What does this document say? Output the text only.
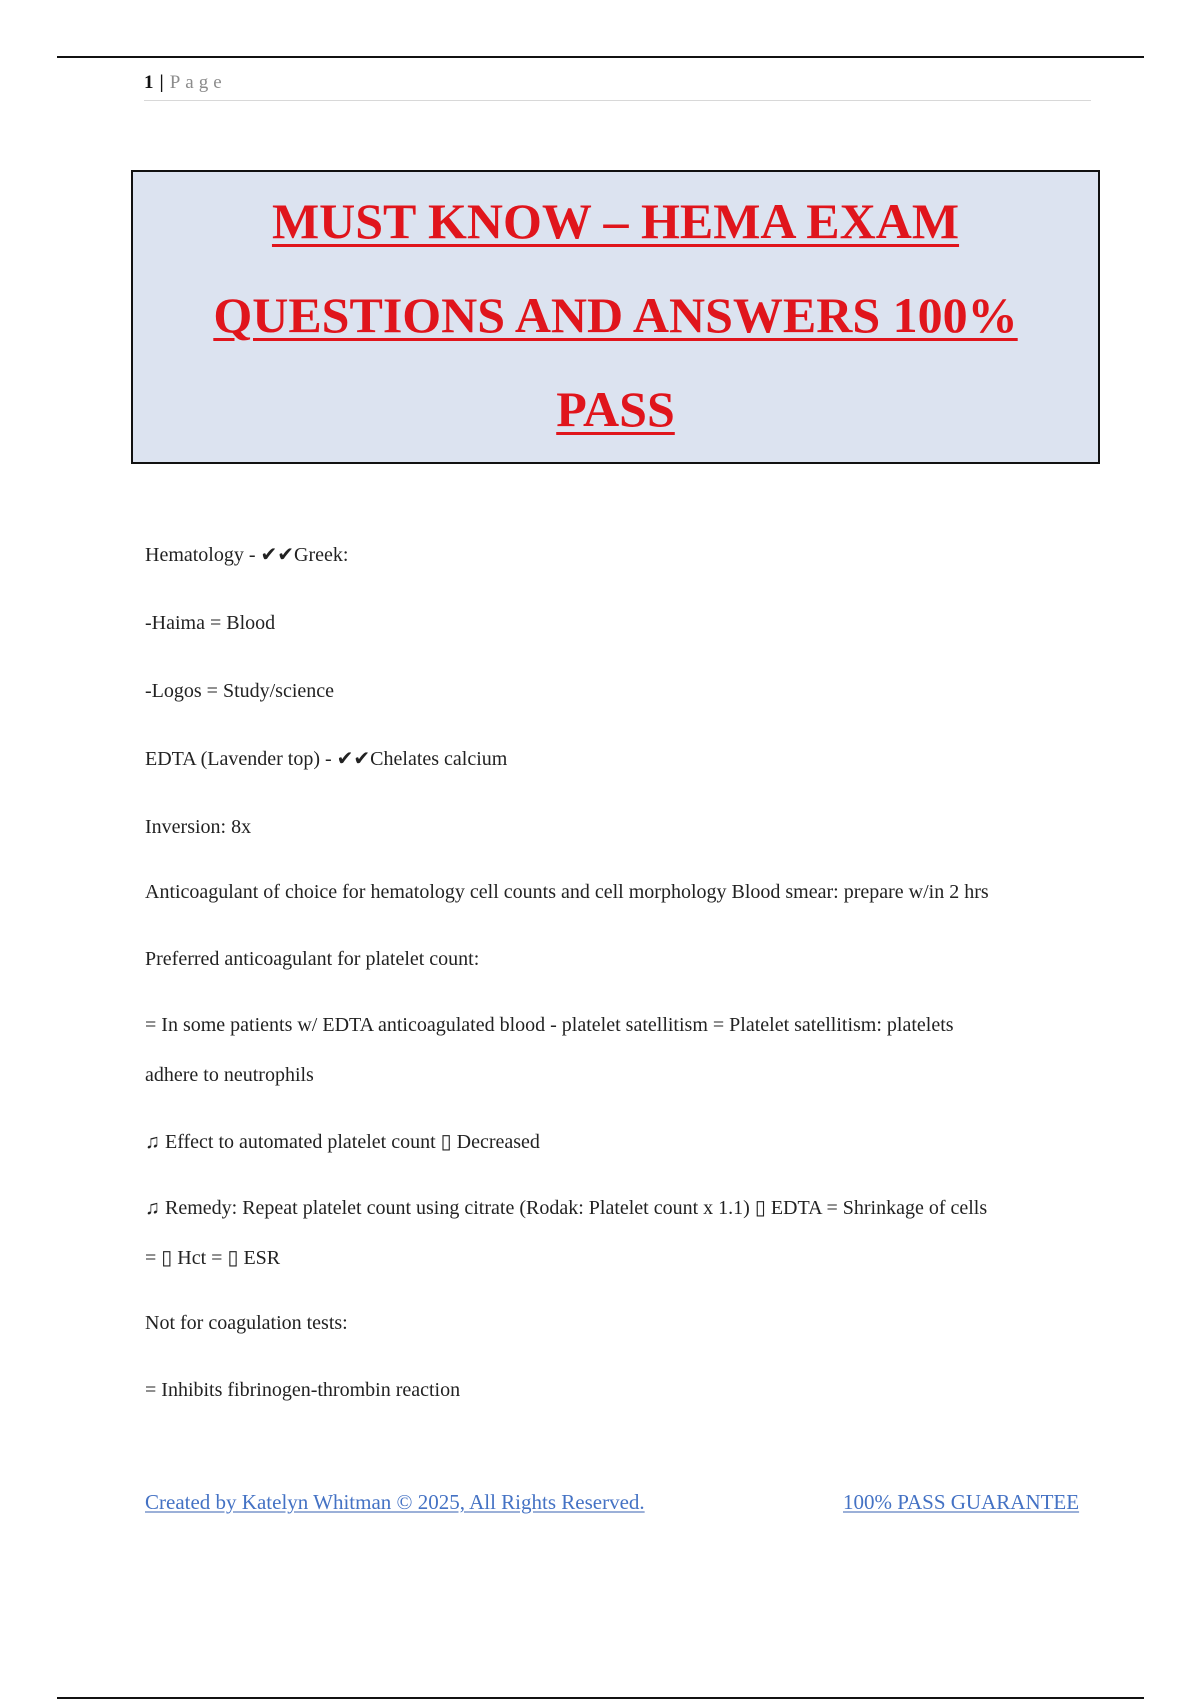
1 | Page
MUST KNOW – HEMA EXAM
QUESTIONS AND ANSWERS 100%
PASS
Hematology - ✔✔Greek:
-Haima = Blood
-Logos = Study/science
EDTA (Lavender top) - ✔✔Chelates calcium
Inversion: 8x
Anticoagulant of choice for hematology cell counts and cell morphology Blood smear: prepare w/in 2 hrs
Preferred anticoagulant for platelet count:
= In some patients w/ EDTA anticoagulated blood - platelet satellitism = Platelet satellitism: platelets
adhere to neutrophils
♫ Effect to automated platelet count ▯ Decreased
♫ Remedy: Repeat platelet count using citrate (Rodak: Platelet count x 1.1) ▯ EDTA = Shrinkage of cells
= ▯ Hct = ▯ ESR
Not for coagulation tests:
= Inhibits fibrinogen-thrombin reaction
Created by Katelyn Whitman © 2025, All Rights Reserved.	100% PASS GUARANTEE
